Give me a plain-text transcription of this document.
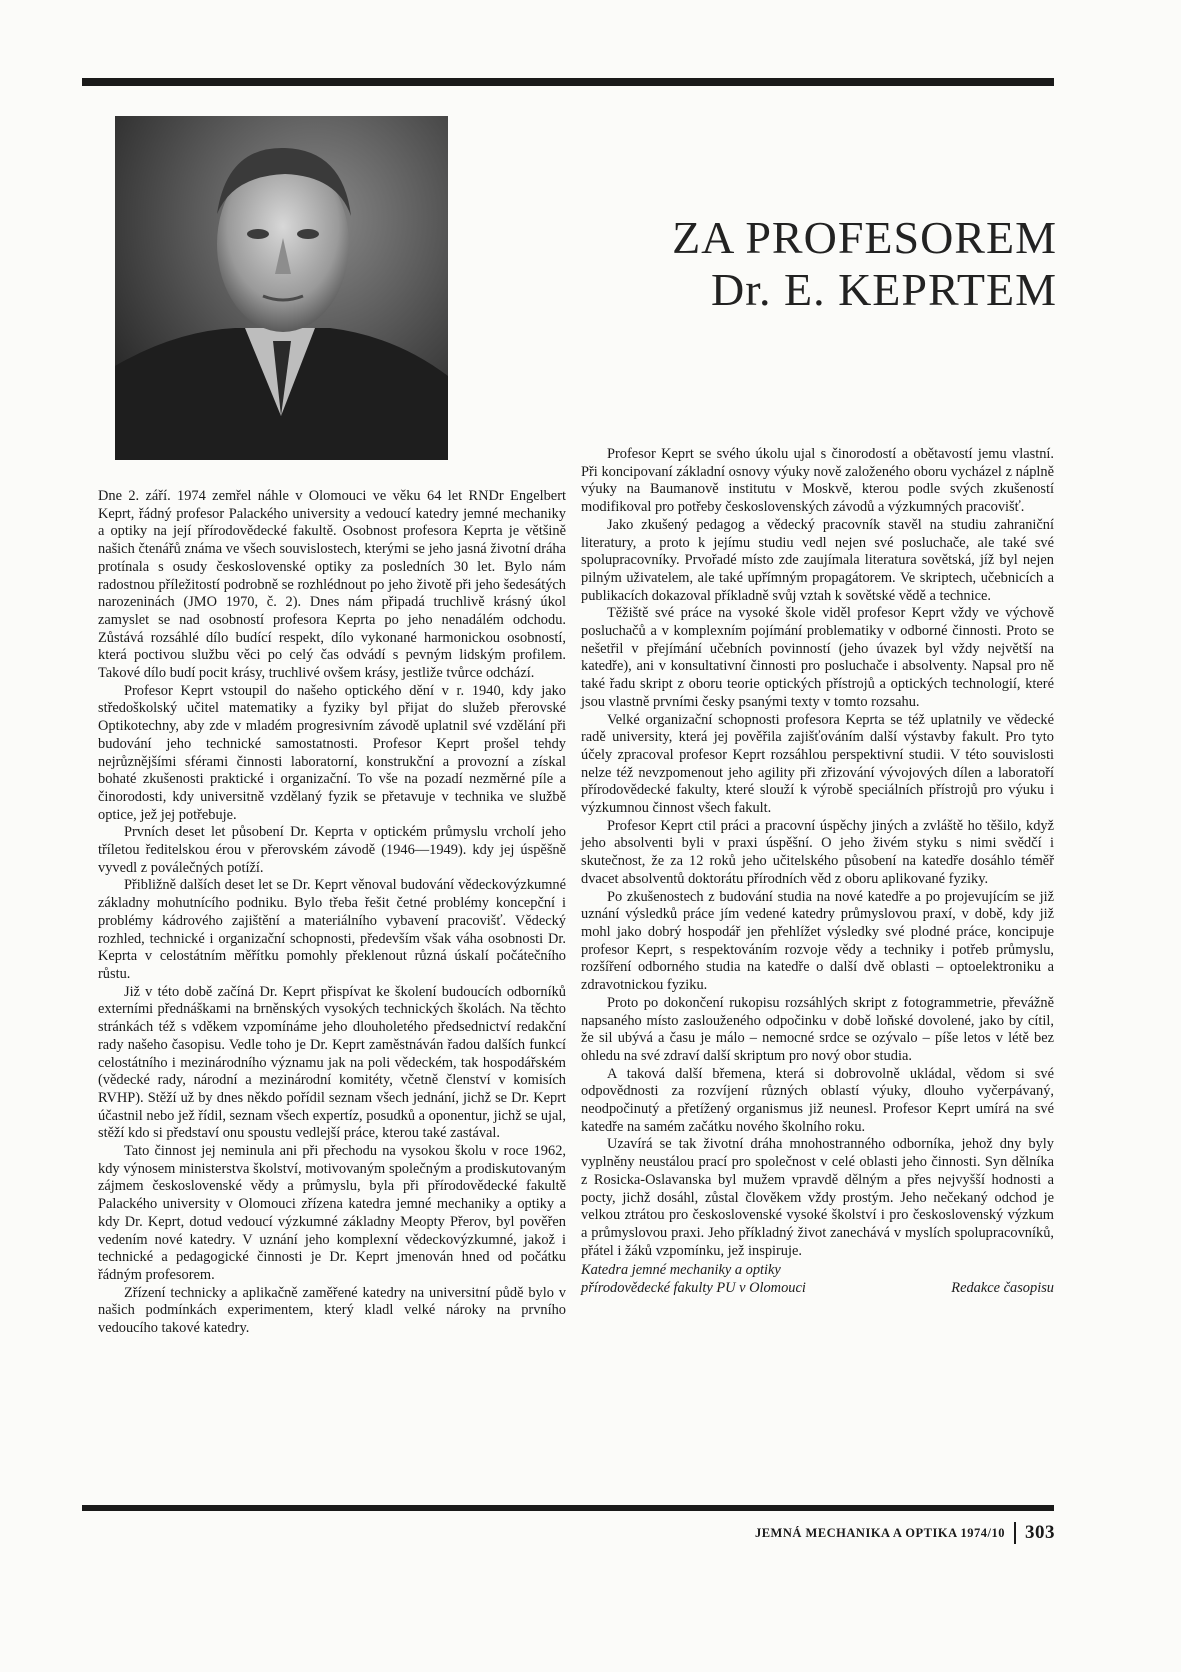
ZA PROFESOREM
Dr. E. KEPRTEM

Dne 2. září. 1974 zemřel náhle v Olomouci ve věku 64 let RNDr Engelbert Keprt, řádný profesor Palackého university a vedoucí katedry jemné mechaniky a optiky na její přírodovědecké fakultě. Osobnost profesora Keprta je většině našich čtenářů známa ve všech souvislostech, kterými se jeho jasná životní dráha protínala s osudy československé optiky za posledních 30 let. Bylo nám radostnou příležitostí podrobně se rozhlédnout po jeho životě při jeho šedesátých narozeninách (JMO 1970, č. 2). Dnes nám připadá truchlivě krásný úkol zamyslet se nad osobností profesora Keprta po jeho nenadálém odchodu. Zůstává rozsáhlé dílo budící respekt, dílo vykonané harmonickou osobností, která poctivou službu věci po celý čas odvádí s pevným lidským profilem. Takové dílo budí pocit krásy, truchlivé ovšem krásy, jestliže tvůrce odchází.

Profesor Keprt vstoupil do našeho optického dění v r. 1940, kdy jako středoškolský učitel matematiky a fyziky byl přijat do služeb přerovské Optikotechny, aby zde v mladém progresivním závodě uplatnil své vzdělání při budování jeho technické samostatnosti. Profesor Keprt prošel tehdy nejrůznějšími sférami činnosti laboratorní, konstrukční a provozní a získal bohaté zkušenosti praktické i organizační. To vše na pozadí nezměrné píle a činorodosti, kdy universitně vzdělaný fyzik se přetavuje v technika ve službě optice, jež jej potřebuje.

Prvních deset let působení Dr. Keprta v optickém průmyslu vrcholí jeho tříletou ředitelskou érou v přerovském závodě (1946—1949). kdy jej úspěšně vyvedl z poválečných potíží.

Přibližně dalších deset let se Dr. Keprt věnoval budování vědeckovýzkumné základny mohutnícího podniku. Bylo třeba řešit četné problémy koncepční i problémy kádrového zajištění a materiálního vybavení pracovišť. Vědecký rozhled, technické i organizační schopnosti, především však váha osobnosti Dr. Keprta v celostátním měřítku pomohly překlenout různá úskalí počátečního růstu.

Již v této době začíná Dr. Keprt přispívat ke školení budoucích odborníků externími přednáškami na brněnských vysokých technických školách. Na těchto stránkách též s vděkem vzpomínáme jeho dlouholetého předsednictví redakční rady našeho časopisu. Vedle toho je Dr. Keprt zaměstnáván řadou dalších funkcí celostátního i mezinárodního významu jak na poli vědeckém, tak hospodářském (vědecké rady, národní a mezinárodní komitéty, včetně členství v komisích RVHP). Stěží už by dnes někdo pořídil seznam všech jednání, jichž se Dr. Keprt účastnil nebo jež řídil, seznam všech expertíz, posudků a oponentur, jichž se ujal, stěží kdo si představí onu spoustu vedlejší práce, kterou také zastával.

Tato činnost jej neminula ani při přechodu na vysokou školu v roce 1962, kdy výnosem ministerstva školství, motivovaným společným a prodiskutovaným zájmem československé vědy a průmyslu, byla při přírodovědecké fakultě Palackého university v Olomouci zřízena katedra jemné mechaniky a optiky a kdy Dr. Keprt, dotud vedoucí výzkumné základny Meopty Přerov, byl pověřen vedením nové katedry. V uznání jeho komplexní vědeckovýzkumné, jakož i technické a pedagogické činnosti je Dr. Keprt jmenován hned od počátku řádným profesorem.

Zřízení technicky a aplikačně zaměřené katedry na universitní půdě bylo v našich podmínkách experimentem, který kladl velké nároky na prvního vedoucího takové katedry.

Profesor Keprt se svého úkolu ujal s činorodostí a obětavostí jemu vlastní. Při koncipovaní základní osnovy výuky nově založeného oboru vycházel z náplně výuky na Baumanově institutu v Moskvě, kterou podle svých zkušeností modifikoval pro potřeby československých závodů a výzkumných pracovišť.

Jako zkušený pedagog a vědecký pracovník stavěl na studiu zahraniční literatury, a proto k jejímu studiu vedl nejen své posluchače, ale také své spolupracovníky. Prvořadé místo zde zaujímala literatura sovětská, jíž byl nejen pilným uživatelem, ale také upřímným propagátorem. Ve skriptech, učebnicích a publikacích dokazoval příkladně svůj vztah k sovětské vědě a technice.

Těžiště své práce na vysoké škole viděl profesor Keprt vždy ve výchově posluchačů a v komplexním pojímání problematiky v odborné činnosti. Proto se nešetřil v přejímání učebních povinností (jeho úvazek byl vždy největší na katedře), ani v konsultativní činnosti pro posluchače i absolventy. Napsal pro ně také řadu skript z oboru teorie optických přístrojů a optických technologií, které jsou vlastně prvními česky psanými texty v tomto rozsahu.

Velké organizační schopnosti profesora Keprta se též uplatnily ve vědecké radě university, která jej pověřila zajišťováním další výstavby fakult. Pro tyto účely zpracoval profesor Keprt rozsáhlou perspektivní studii. V této souvislosti nelze též nevzpomenout jeho agility při zřizování vývojových dílen a laboratoří přírodovědecké fakulty, které slouží k výrobě speciálních přístrojů pro výuku i výzkumnou činnost všech fakult.

Profesor Keprt ctil práci a pracovní úspěchy jiných a zvláště ho těšilo, když jeho absolventi byli v praxi úspěšní. O jeho živém styku s nimi svědčí i skutečnost, že za 12 roků jeho učitelského působení na katedře dosáhlo téměř dvacet absolventů doktorátu přírodních věd z oboru aplikované fyziky.

Po zkušenostech z budování studia na nové katedře a po projevujícím se již uznání výsledků práce jím vedené katedry průmyslovou praxí, v době, kdy již mohl jako dobrý hospodář jen přehlížet výsledky své plodné práce, koncipuje profesor Keprt, s respektováním rozvoje vědy a techniky i potřeb průmyslu, rozšíření odborného studia na katedře o další dvě oblasti – optoelektroniku a zdravotnickou fyziku.

Proto po dokončení rukopisu rozsáhlých skript z fotogrammetrie, převážně napsaného místo zaslouženého odpočinku v době loňské dovolené, jako by cítil, že sil ubývá a času je málo – nemocné srdce se ozývalo – píše letos v létě bez ohledu na své zdraví další skriptum pro nový obor studia.

A taková další břemena, která si dobrovolně ukládal, vědom si své odpovědnosti za rozvíjení různých oblastí výuky, dlouho vyčerpávaný, neodpočinutý a přetížený organismus již neunesl. Profesor Keprt umírá na své katedře na samém začátku nového školního roku.

Uzavírá se tak životní dráha mnohostranného odborníka, jehož dny byly vyplněny neustálou prací pro společnost v celé oblasti jeho činnosti. Syn dělníka z Rosicka-Oslavanska byl mužem vpravdě dělným a přes nejvyšší hodnosti a pocty, jichž dosáhl, zůstal člověkem vždy prostým. Jeho nečekaný odchod je velkou ztrátou pro československé vysoké školství i pro československý výzkum a průmyslovou praxi. Jeho příkladný život zanechává v myslích spolupracovníků, přátel i žáků vzpomínku, jež inspiruje.

Katedra jemné mechaniky a optiky
přírodovědecké fakulty PU v Olomouci	Redakce časopisu
JEMNÁ MECHANIKA A OPTIKA 1974/10 303
